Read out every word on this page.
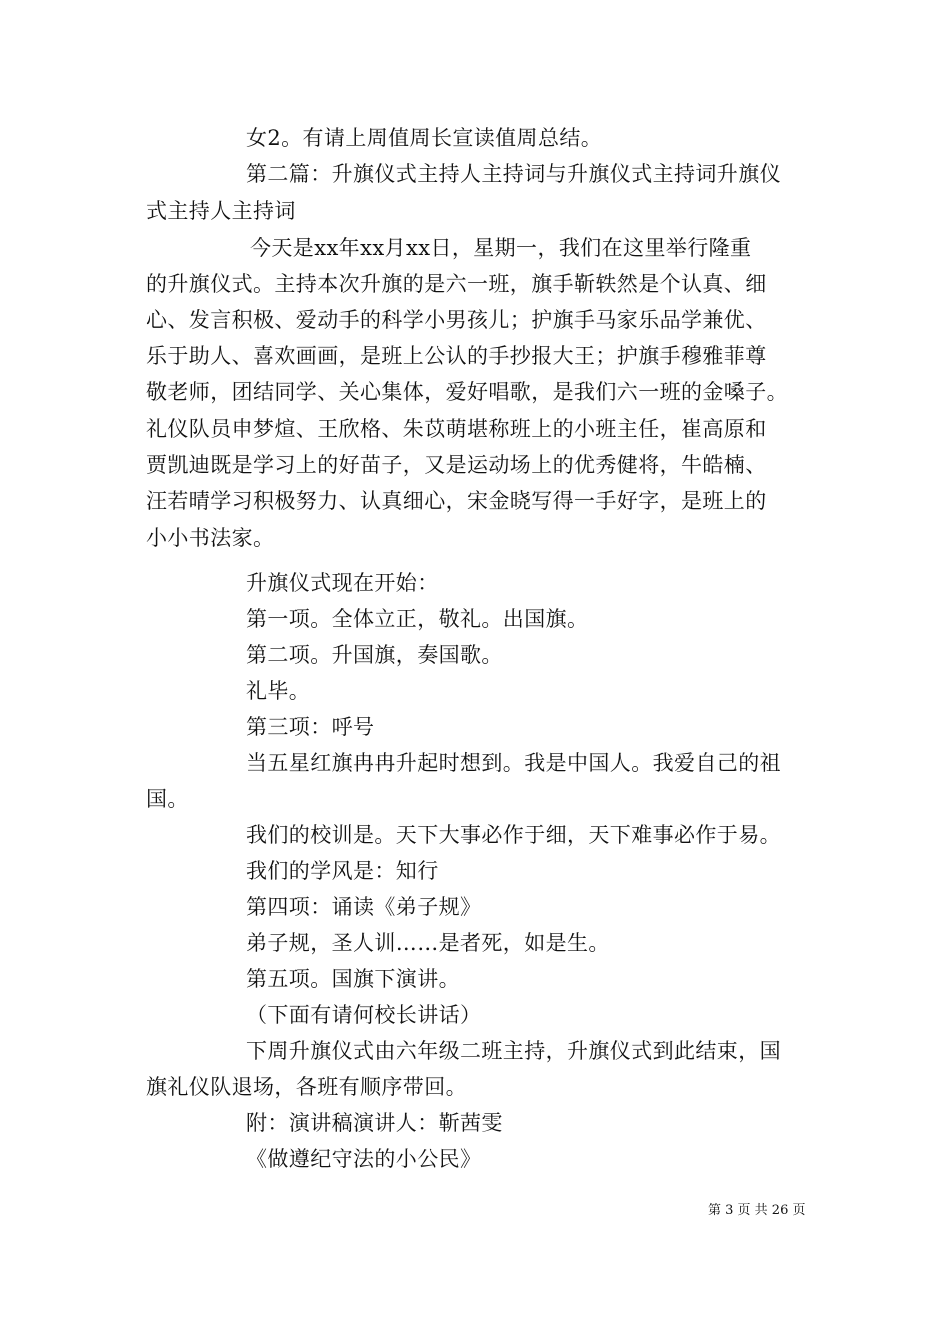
女2。有请上周值周长宣读值周总结。
第二篇：升旗仪式主持人主持词与升旗仪式主持词升旗仪
式主持人主持词
今天是xx年xx月xx日，星期一，我们在这里举行隆重
的升旗仪式。主持本次升旗的是六一班，旗手靳轶然是个认真、细
心、发言积极、爱动手的科学小男孩儿；护旗手马家乐品学兼优、
乐于助人、喜欢画画，是班上公认的手抄报大王；护旗手穆雅菲尊
敬老师，团结同学、关心集体，爱好唱歌，是我们六一班的金嗓子。
礼仪队员申梦煊、王欣格、朱苡萌堪称班上的小班主任，崔高原和
贾凯迪既是学习上的好苗子，又是运动场上的优秀健将，牛皓楠、
汪若晴学习积极努力、认真细心，宋金晓写得一手好字，是班上的
小小书法家。
升旗仪式现在开始：
第一项。全体立正，敬礼。出国旗。
第二项。升国旗，奏国歌。
礼毕。
第三项：呼号
当五星红旗冉冉升起时想到。我是中国人。我爱自己的祖
国。
我们的校训是。天下大事必作于细，天下难事必作于易。
我们的学风是：知行
第四项：诵读《弟子规》
弟子规，圣人训……是者死，如是生。
第五项。国旗下演讲。
（下面有请何校长讲话）
下周升旗仪式由六年级二班主持，升旗仪式到此结束，国
旗礼仪队退场，各班有顺序带回。
附：演讲稿演讲人：靳茜雯
《做遵纪守法的小公民》
第 3 页 共 26 页
